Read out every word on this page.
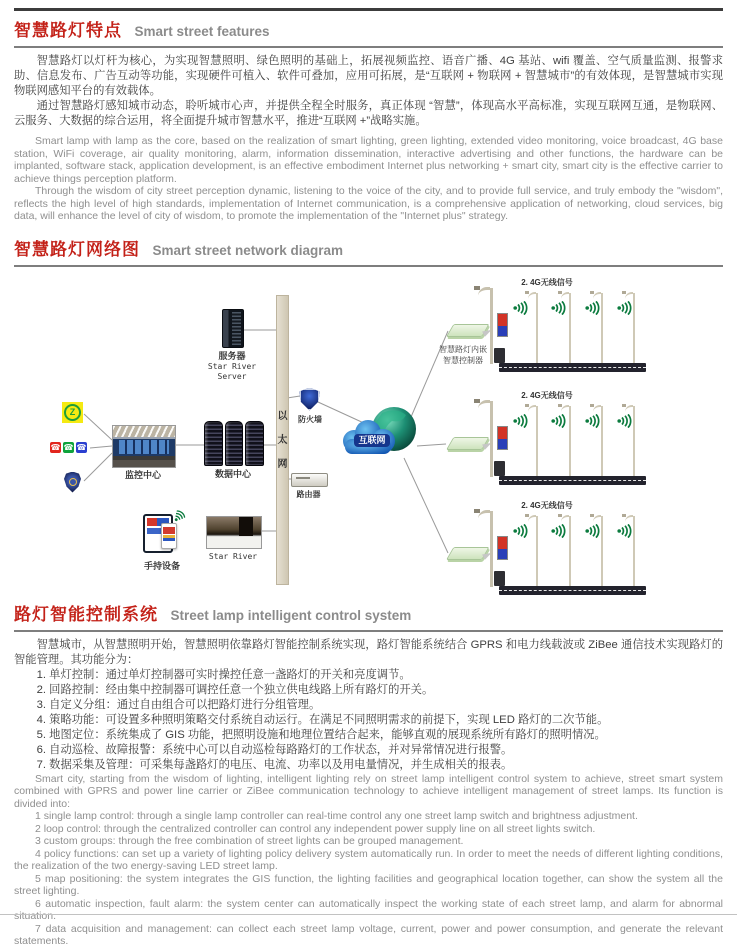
智慧路灯特点 Smart street features

智慧路灯以灯杆为核心，为实现智慧照明、绿色照明的基础上，拓展视频监控、语音广播、4G 基站、wifi 覆盖、空气质量监测、报警求助、信息发布、广告互动等功能，实现硬件可植入、软件可叠加，应用可拓展，是“互联网 + 物联网 + 智慧城市”的有效体现，是智慧城市实现物联网感知平台的有效载体。

通过智慧路灯感知城市动态，聆听城市心声，并提供全程全时服务，真正体现 “智慧”，体现高水平高标准，实现互联网互通，是物联网、云服务、大数据的综合运用，将全面提升城市智慧水平，推进“互联网 +”战略实施。

Smart lamp with lamp as the core, based on the realization of smart lighting, green lighting, extended video monitoring, voice broadcast, 4G base station, WiFi coverage, air quality monitoring, alarm, information dissemination, interactive advertising and other functions, the hardware can be implanted, software stack, application development, is an effective embodiment Internet plus networking + smart city, smart city is the effective carrier to achieve things perception platform.

Through the wisdom of city street perception dynamic, listening to the voice of the city, and to provide full service, and truly embody the "wisdom", reflects the high level of high standards, implementation of Internet communication, is a comprehensive application of networking, cloud services, big data, will enhance the level of city of wisdom, to promote the implementation of the "Internet plus" strategy.

智慧路灯网络图 Smart street network diagram
以
太
网
服务器
Star River
Server
Z
☎ ☎ ☎
监控中心	数据中心
手持设备
Star River
防火墙
路由器
互联网
智慧路灯内嵌
智慧控制器
2. 4G无线信号
2. 4G无线信号
2. 4G无线信号
路灯智能控制系统 Street lamp intelligent control system

智慧城市，从智慧照明开始，智慧照明依靠路灯智能控制系统实现，路灯智能系统结合 GPRS 和电力线载波或 ZiBee 通信技术实现路灯的智能管理。其功能分为：

1. 单灯控制：通过单灯控制器可实时操控任意一盏路灯的开关和亮度调节。

2. 回路控制：经由集中控制器可调控任意一个独立供电线路上所有路灯的开关。

3. 自定义分组：通过自由组合可以把路灯进行分组管理。

4. 策略功能：可设置多种照明策略交付系统自动运行。在满足不同照明需求的前提下，实现 LED 路灯的二次节能。

5. 地图定位：系统集成了 GIS 功能，把照明设施和地理位置结合起来，能够直观的展现系统所有路灯的照明情况。

6. 自动巡检、故障报警：系统中心可以自动巡检每路路灯的工作状态，并对异常情况进行报警。

7. 数据采集及管理：可采集每盏路灯的电压、电流、功率以及用电量情况，并生成相关的报表。

Smart city, starting from the wisdom of lighting, intelligent lighting rely on street lamp intelligent control system to achieve, street smart system combined with GPRS and power line carrier or ZiBee communication technology to achieve intelligent management of street lamps. Its function is divided into:

1 single lamp control: through a single lamp controller can real-time control any one street lamp switch and brightness adjustment.

2 loop control: through the centralized controller can control any independent power supply line on all street lights switch.

3 custom groups: through the free combination of street lights can be grouped management.

4 policy functions: can set up a variety of lighting policy delivery system automatically run. In order to meet the needs of different lighting conditions, the realization of the two energy-saving LED street lamp.

5 map positioning: the system integrates the GIS function, the lighting facilities and geographical location together, can show the system all the street lighting.

6 automatic inspection, fault alarm: the system center can automatically inspect the working state of each street lamp, and alarm for abnormal situation.

7 data acquisition and management: can collect each street lamp voltage, current, power and power consumption, and generate the relevant statements.
